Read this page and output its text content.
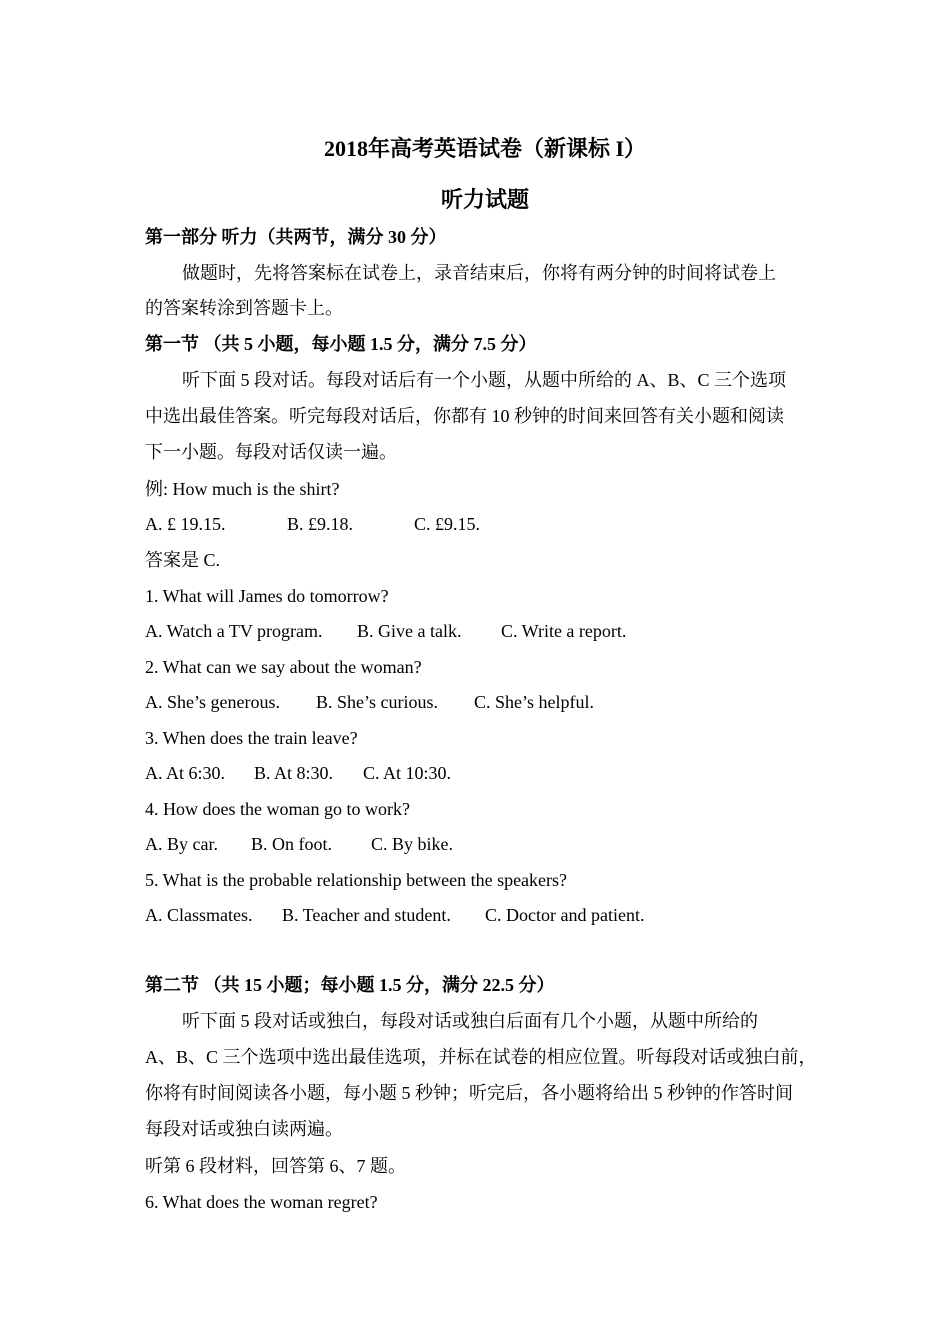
2018年高考英语试卷（新课标 I）
听力试题
第一部分 听力（共两节，满分 30 分）
做题时，先将答案标在试卷上，录音结束后，你将有两分钟的时间将试卷上
的答案转涂到答题卡上。
第一节 （共 5 小题，每小题 1.5 分，满分 7.5 分）
听下面 5 段对话。每段对话后有一个小题，从题中所给的 A、B、C 三个选项
中选出最佳答案。听完每段对话后，你都有 10 秒钟的时间来回答有关小题和阅读
下一小题。每段对话仅读一遍。
例: How much is the shirt?
A. £ 19.15.	B. £9.18.	C. £9.15.
答案是 C.
1. What will James do tomorrow?
A. Watch a TV program. B. Give a talk. C. Write a report.
2. What can we say about the woman?
A. She’s generous. B. She’s curious. C. She’s helpful.
3. When does the train leave?
A. At 6:30. B. At 8:30. C. At 10:30.
4. How does the woman go to work?
A. By car. B. On foot. C. By bike.
5. What is the probable relationship between the speakers?
A. Classmates. B. Teacher and student. C. Doctor and patient.
第二节 （共 15 小题；每小题 1.5 分，满分 22.5 分）
听下面 5 段对话或独白，每段对话或独白后面有几个小题，从题中所给的
A、B、C 三个选项中选出最佳选项，并标在试卷的相应位置。听每段对话或独白前，
你将有时间阅读各小题，每小题 5 秒钟；听完后，各小题将给出 5 秒钟的作答时间
每段对话或独白读两遍。
听第 6 段材料，回答第 6、7 题。
6. What does the woman regret?
